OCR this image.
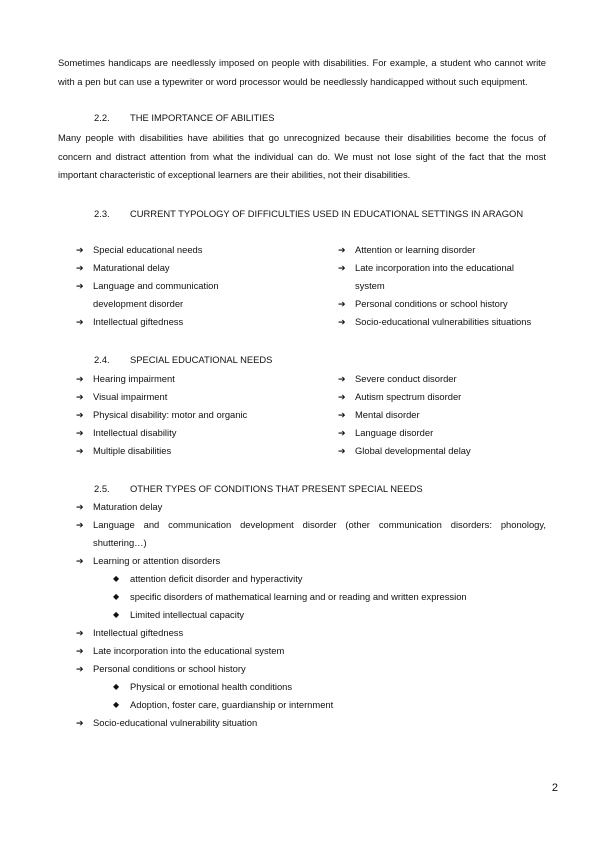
Sometimes handicaps are needlessly imposed on people with disabilities. For example, a student who cannot write with a pen but can use a typewriter or word processor would be needlessly handicapped without such equipment.

2.2. THE IMPORTANCE OF ABILITIES

Many people with disabilities have abilities that go unrecognized because their disabilities become the focus of concern and distract attention from what the individual can do. We must not lose sight of the fact that the most important characteristic of exceptional learners are their abilities, not their disabilities.

2.3. CURRENT TYPOLOGY OF DIFFICULTIES USED IN EDUCATIONAL SETTINGS IN ARAGON
➔ Special educational needs
➔ Maturational delay
➔ Language and communication development disorder
➔ Intellectual giftedness
➔ Attention or learning disorder
➔ Late incorporation into the educational system
➔ Personal conditions or school history
➔ Socio-educational vulnerabilities situations
2.4. SPECIAL EDUCATIONAL NEEDS
➔ Hearing impairment
➔ Visual impairment
➔ Physical disability: motor and organic
➔ Intellectual disability
➔ Multiple disabilities
➔ Severe conduct disorder
➔ Autism spectrum disorder
➔ Mental disorder
➔ Language disorder
➔ Global developmental delay
2.5. OTHER TYPES OF CONDITIONS THAT PRESENT SPECIAL NEEDS
➔ Maturation delay
➔ Language and communication development disorder (other communication disorders: phonology, shuttering…)
➔ Learning or attention disorders
◆ attention deficit disorder and hyperactivity
◆ specific disorders of mathematical learning and or reading and written expression
◆ Limited intellectual capacity
➔ Intellectual giftedness
➔ Late incorporation into the educational system
➔ Personal conditions or school history
◆ Physical or emotional health conditions
◆ Adoption, foster care, guardianship or internment
➔ Socio-educational vulnerability situation
2
